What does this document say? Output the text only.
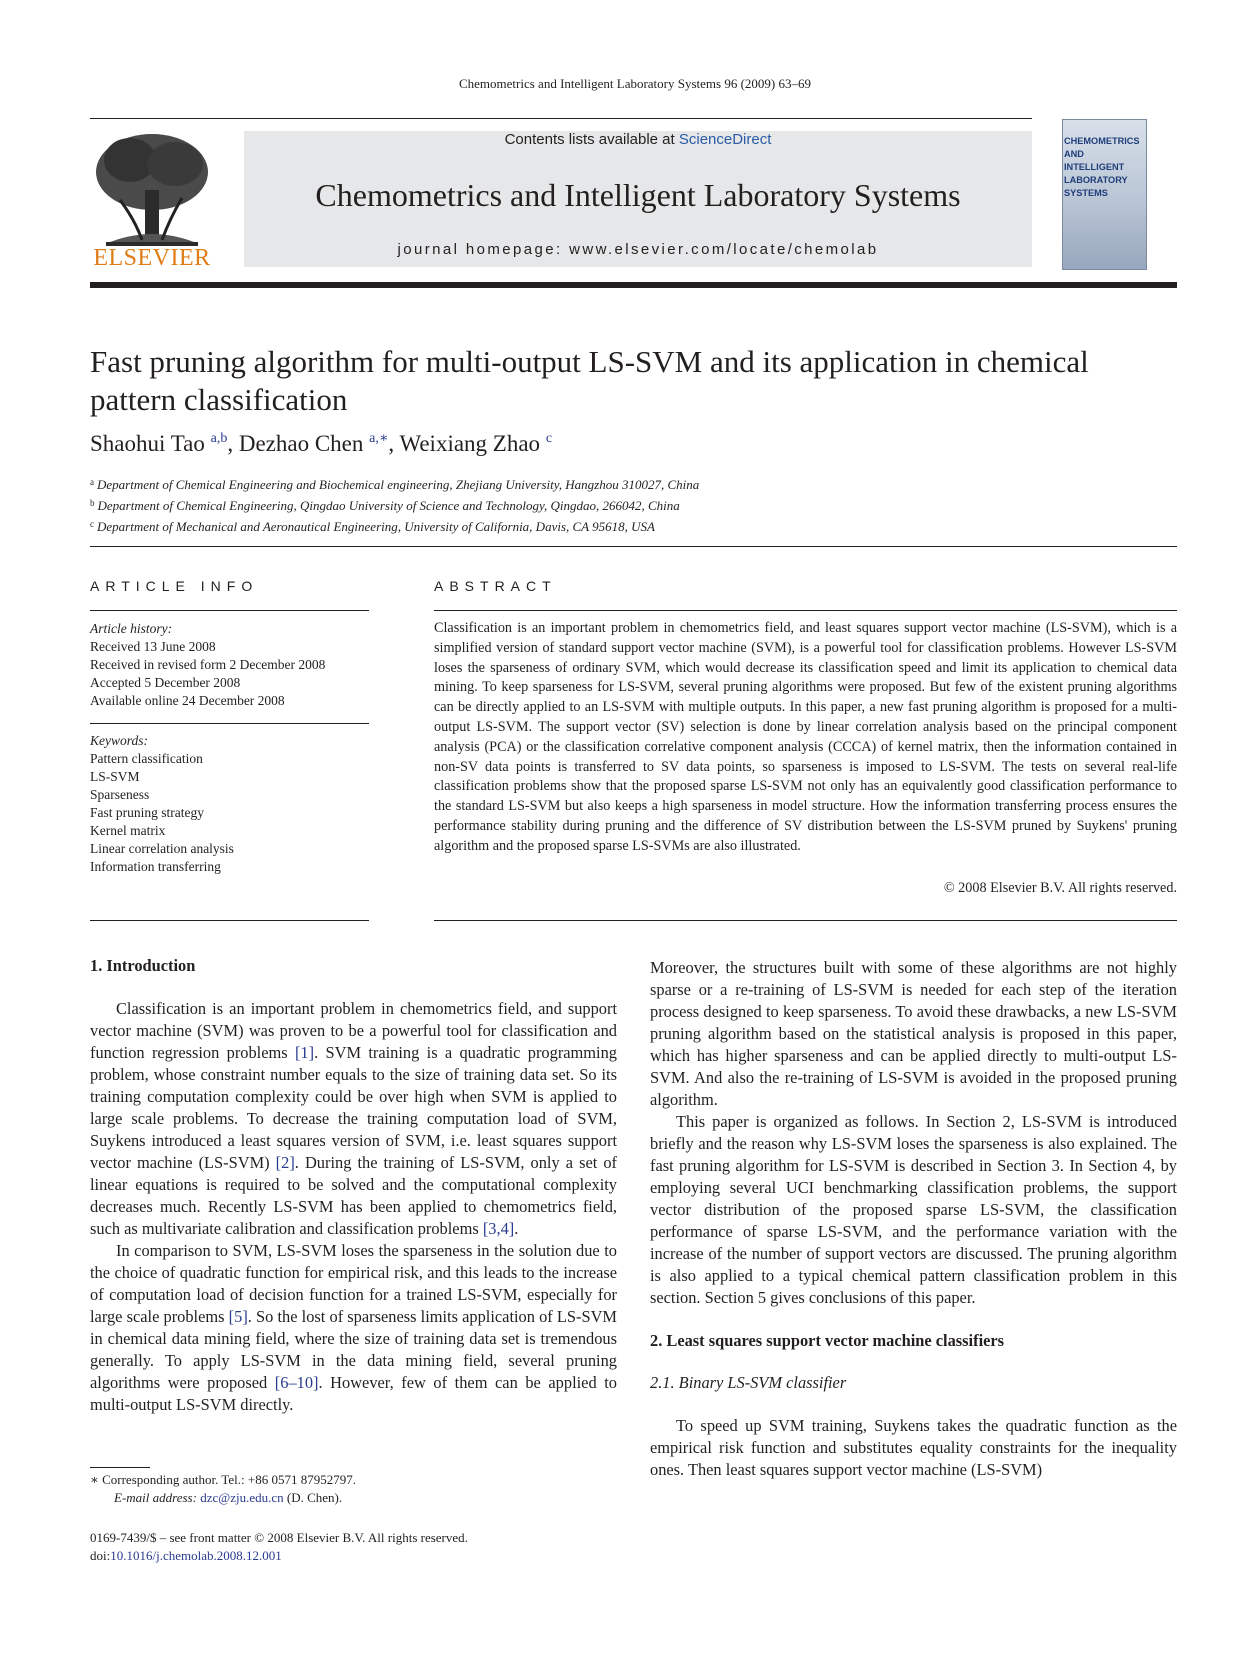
Chemometrics and Intelligent Laboratory Systems 96 (2009) 63–69
ELSEVIER
Contents lists available at ScienceDirect
Chemometrics and Intelligent Laboratory Systems
journal homepage: www.elsevier.com/locate/chemolab
CHEMOMETRICS
AND INTELLIGENT
LABORATORY
SYSTEMS
Fast pruning algorithm for multi-output LS-SVM and its application in chemical pattern classification
Shaohui Tao $^{a,b}$, Dezhao Chen $^{a,∗}$, Weixiang Zhao $^c$
$^a$ Department of Chemical Engineering and Biochemical engineering, Zhejiang University, Hangzhou 310027, China
$^b$ Department of Chemical Engineering, Qingdao University of Science and Technology, Qingdao, 266042, China
$^c$ Department of Mechanical and Aeronautical Engineering, University of California, Davis, CA 95618, USA
ARTICLE INFO
Article history:
Received 13 June 2008
Received in revised form 2 December 2008
Accepted 5 December 2008
Available online 24 December 2008
Keywords:
Pattern classification
LS-SVM
Sparseness
Fast pruning strategy
Kernel matrix
Linear correlation analysis
Information transferring
ABSTRACT
Classification is an important problem in chemometrics field, and least squares support vector machine (LS-SVM), which is a simplified version of standard support vector machine (SVM), is a powerful tool for classification problems. However LS-SVM loses the sparseness of ordinary SVM, which would decrease its classification speed and limit its application to chemical data mining. To keep sparseness for LS-SVM, several pruning algorithms were proposed. But few of the existent pruning algorithms can be directly applied to an LS-SVM with multiple outputs. In this paper, a new fast pruning algorithm is proposed for a multi-output LS-SVM. The support vector (SV) selection is done by linear correlation analysis based on the principal component analysis (PCA) or the classification correlative component analysis (CCCA) of kernel matrix, then the information contained in non-SV data points is transferred to SV data points, so sparseness is imposed to LS-SVM. The tests on several real-life classification problems show that the proposed sparse LS-SVM not only has an equivalently good classification performance to the standard LS-SVM but also keeps a high sparseness in model structure. How the information transferring process ensures the performance stability during pruning and the difference of SV distribution between the LS-SVM pruned by Suykens' pruning algorithm and the proposed sparse LS-SVMs are also illustrated.
© 2008 Elsevier B.V. All rights reserved.
1. Introduction

Classification is an important problem in chemometrics field, and support vector machine (SVM) was proven to be a powerful tool for classification and function regression problems [1]. SVM training is a quadratic programming problem, whose constraint number equals to the size of training data set. So its training computation complexity could be over high when SVM is applied to large scale problems. To decrease the training computation load of SVM, Suykens introduced a least squares version of SVM, i.e. least squares support vector machine (LS-SVM) [2]. During the training of LS-SVM, only a set of linear equations is required to be solved and the computational complexity decreases much. Recently LS-SVM has been applied to chemometrics field, such as multivariate calibration and classification problems [3,4].

In comparison to SVM, LS-SVM loses the sparseness in the solution due to the choice of quadratic function for empirical risk, and this leads to the increase of computation load of decision function for a trained LS-SVM, especially for large scale problems [5]. So the lost of sparseness limits application of LS-SVM in chemical data mining field, where the size of training data set is tremendous generally. To apply LS-SVM in the data mining field, several pruning algorithms were proposed [6–10]. However, few of them can be applied to multi-output LS-SVM directly.

Moreover, the structures built with some of these algorithms are not highly sparse or a re-training of LS-SVM is needed for each step of the iteration process designed to keep sparseness. To avoid these drawbacks, a new LS-SVM pruning algorithm based on the statistical analysis is proposed in this paper, which has higher sparseness and can be applied directly to multi-output LS-SVM. And also the re-training of LS-SVM is avoided in the proposed pruning algorithm.

This paper is organized as follows. In Section 2, LS-SVM is introduced briefly and the reason why LS-SVM loses the sparseness is also explained. The fast pruning algorithm for LS-SVM is described in Section 3. In Section 4, by employing several UCI benchmarking classification problems, the support vector distribution of the proposed sparse LS-SVM, the classification performance of sparse LS-SVM, and the performance variation with the increase of the number of support vectors are discussed. The pruning algorithm is also applied to a typical chemical pattern classification problem in this section. Section 5 gives conclusions of this paper.

2. Least squares support vector machine classifiers
2.1. Binary LS-SVM classifier

To speed up SVM training, Suykens takes the quadratic function as the empirical risk function and substitutes equality constraints for the inequality ones. Then least squares support vector machine (LS-SVM)

∗ Corresponding author. Tel.: +86 0571 87952797.
E-mail address: dzc@zju.edu.cn (D. Chen).
0169-7439/$ – see front matter © 2008 Elsevier B.V. All rights reserved.
doi:10.1016/j.chemolab.2008.12.001
